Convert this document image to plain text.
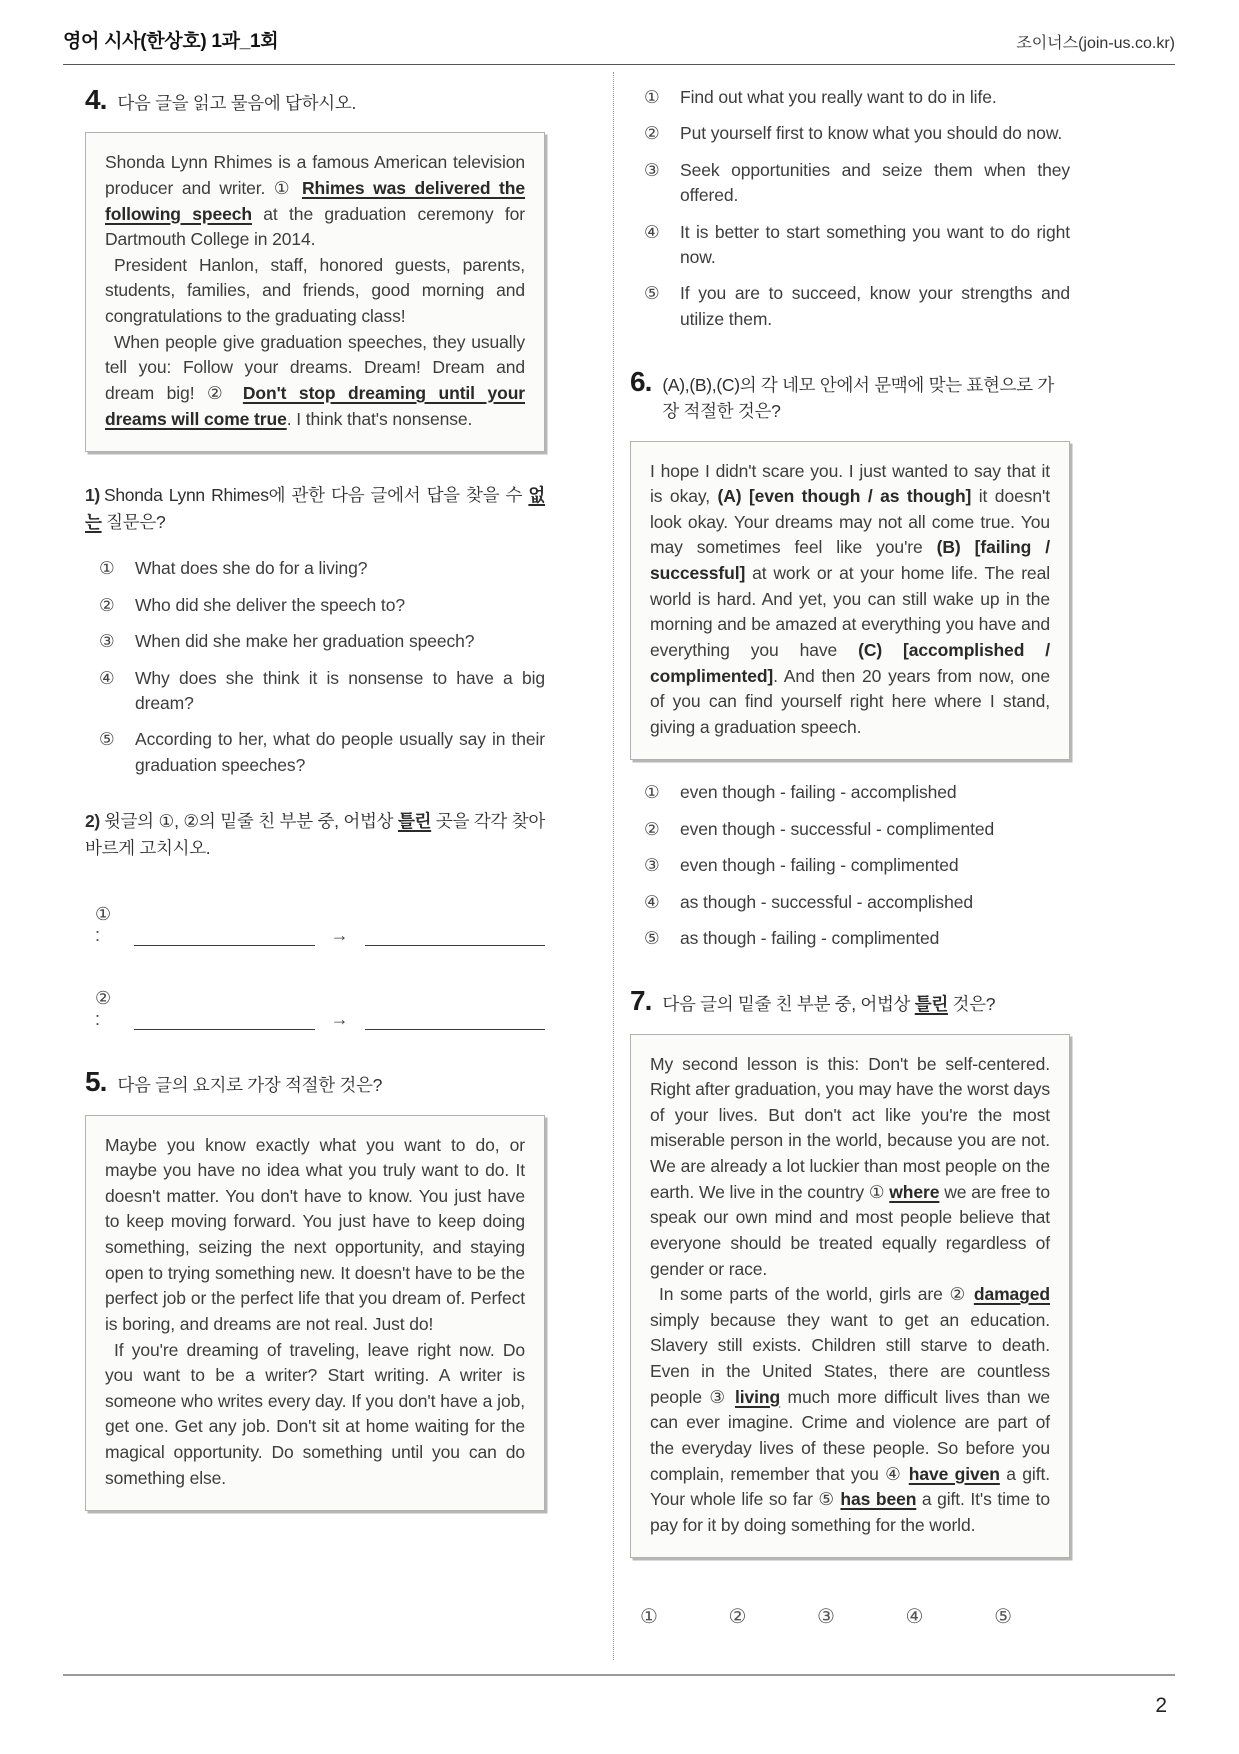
영어 시사(한상호) 1과_1회	조이너스(join-us.co.kr)
4. 다음 글을 읽고 물음에 답하시오.

Shonda Lynn Rhimes is a famous American television producer and writer. ① Rhimes was delivered the following speech at the graduation ceremony for Dartmouth College in 2014.

President Hanlon, staff, honored guests, parents, students, families, and friends, good morning and congratulations to the graduating class!

When people give graduation speeches, they usually tell you: Follow your dreams. Dream! Dream and dream big! ② Don't stop dreaming until your dreams will come true. I think that's nonsense.

1) Shonda Lynn Rhimes에 관한 다음 글에서 답을 찾을 수 없는 질문은?
① What does she do for a living?
② Who did she deliver the speech to?
③ When did she make her graduation speech?
④ Why does she think it is nonsense to have a big dream?
⑤ According to her, what do people usually say in their graduation speeches?
2) 윗글의 ①, ②의 밑줄 친 부분 중, 어법상 틀린 곳을 각각 찾아 바르게 고치시오.
① :	→
② :	→
5. 다음 글의 요지로 가장 적절한 것은?

Maybe you know exactly what you want to do, or maybe you have no idea what you truly want to do. It doesn't matter. You don't have to know. You just have to keep moving forward. You just have to keep doing something, seizing the next opportunity, and staying open to trying something new. It doesn't have to be the perfect job or the perfect life that you dream of. Perfect is boring, and dreams are not real. Just do!

If you're dreaming of traveling, leave right now. Do you want to be a writer? Start writing. A writer is someone who writes every day. If you don't have a job, get one. Get any job. Don't sit at home waiting for the magical opportunity. Do something until you can do something else.

① Find out what you really want to do in life.
② Put yourself first to know what you should do now.
③ Seek opportunities and seize them when they offered.
④ It is better to start something you want to do right now.
⑤ If you are to succeed, know your strengths and utilize them.
6. (A),(B),(C)의 각 네모 안에서 문맥에 맞는 표현으로 가장 적절한 것은?

I hope I didn't scare you. I just wanted to say that it is okay, (A) [even though / as though] it doesn't look okay. Your dreams may not all come true. You may sometimes feel like you're (B) [failing / successful] at work or at your home life. The real world is hard. And yet, you can still wake up in the morning and be amazed at everything you have and everything you have (C) [accomplished / complimented]. And then 20 years from now, one of you can find yourself right here where I stand, giving a graduation speech.

① even though - failing - accomplished
② even though - successful - complimented
③ even though - failing - complimented
④ as though - successful - accomplished
⑤ as though - failing - complimented
7. 다음 글의 밑줄 친 부분 중, 어법상 틀린 것은?

My second lesson is this: Don't be self-centered. Right after graduation, you may have the worst days of your lives. But don't act like you're the most miserable person in the world, because you are not. We are already a lot luckier than most people on the earth. We live in the country ① where we are free to speak our own mind and most people believe that everyone should be treated equally regardless of gender or race.

In some parts of the world, girls are ② damaged simply because they want to get an education. Slavery still exists. Children still starve to death. Even in the United States, there are countless people ③ living much more difficult lives than we can ever imagine. Crime and violence are part of the everyday lives of these people. So before you complain, remember that you ④ have given a gift. Your whole life so far ⑤ has been a gift. It's time to pay for it by doing something for the world.

①	②	③	④	⑤
2
